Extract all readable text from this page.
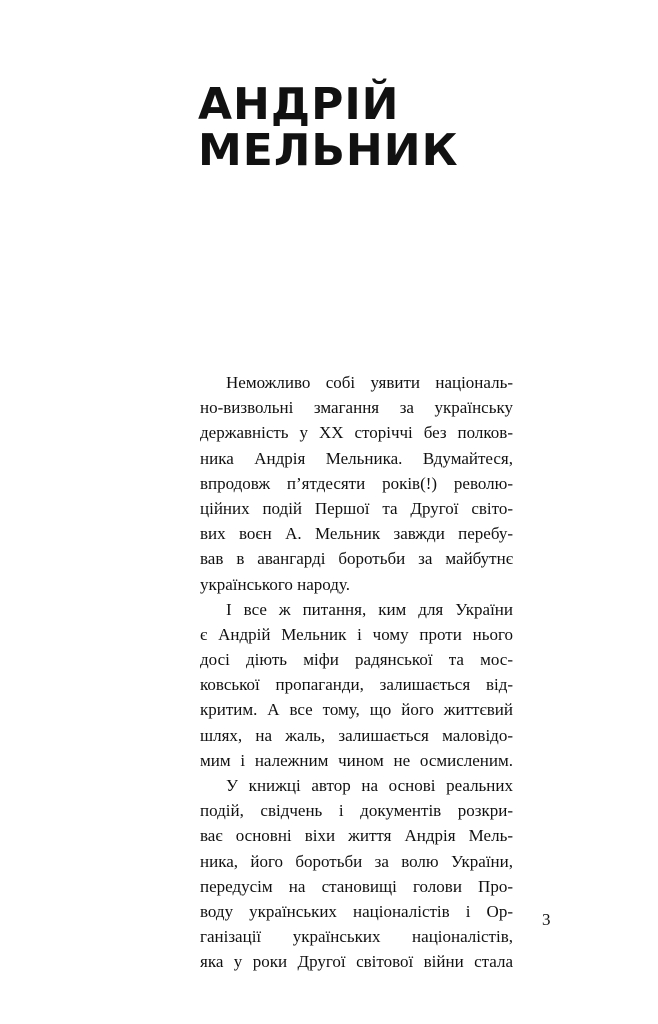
АНДРІЙ
МЕЛЬНИК
Неможливо собі уявити національ-
но-визвольні змагання за українську
державність у ХХ сторіччі без полков-
ника Андрія Мельника. Вдумайтеся,
впродовж п’ятдесяти років(!) револю-
ційних подій Першої та Другої світо-
вих воєн А. Мельник завжди перебу-
вав в авангарді боротьби за майбутнє
українського народу.
І все ж питання, ким для України
є Андрій Мельник і чому проти нього
досі діють міфи радянської та мос-
ковської пропаганди, залишається від-
критим. А все тому, що його життєвий
шлях, на жаль, залишається маловідо-
мим і належним чином не осмисленим.
У книжці автор на основі реальних
подій, свідчень і документів розкри-
ває основні віхи життя Андрія Мель-
ника, його боротьби за волю України,
передусім на становищі голови Про-
воду українських націоналістів і Ор-
ганізації українських націоналістів,
яка у роки Другої світової війни стала
3
